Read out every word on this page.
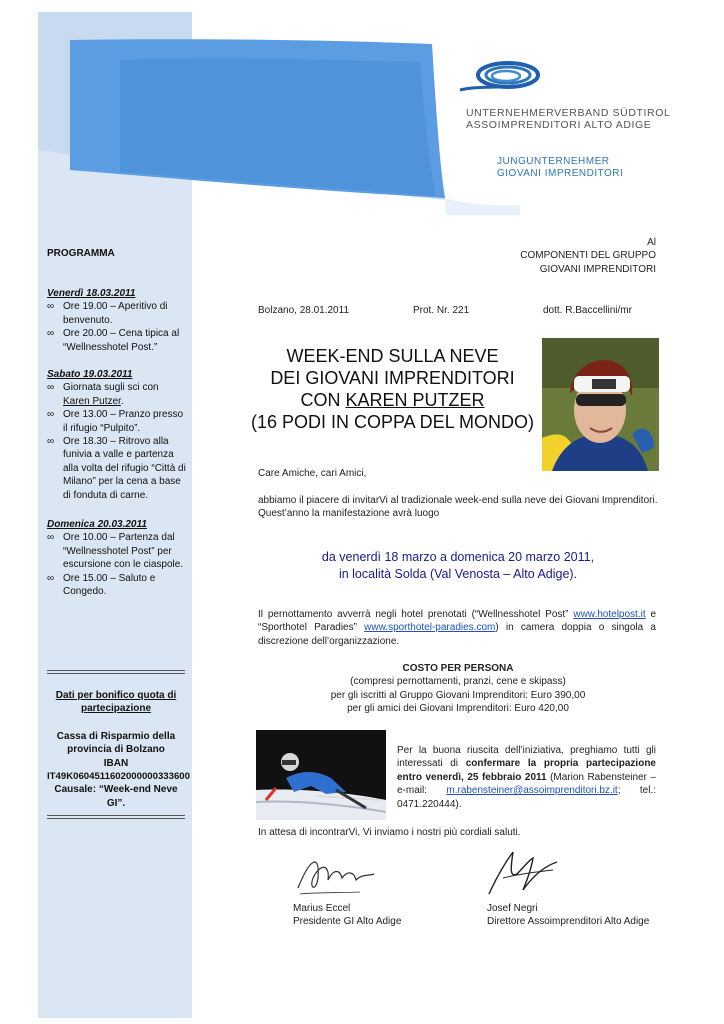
UNTERNEHMERVERBAND SÜDTIROL
ASSOIMPRENDITORI ALTO ADIGE
JUNGUNTERNEHMER
GIOVANI IMPRENDITORI
PROGRAMMA
Venerdì 18.03.2011
∞ Ore 19.00 – Aperitivo di benvenuto.
∞ Ore 20.00 – Cena tipica al “Wellnesshotel Post.”
Sabato 19.03.2011
∞ Giornata sugli sci con Karen Putzer.
∞ Ore 13.00 – Pranzo presso il rifugio “Pulpito”.
∞ Ore 18.30 – Ritrovo alla funivia a valle e partenza alla volta del rifugio “Città di Milano” per la cena a base di fonduta di carne.
Domenica 20.03.2011
∞ Ore 10.00 – Partenza dal “Wellnesshotel Post” per escursione con le ciaspole.
∞ Ore 15.00 – Saluto e Congedo.
Dati per bonifico quota di partecipazione
Cassa di Risparmio della provincia di Bolzano
IBAN
IT49K0604511602000000333600
Causale: “Week-end Neve GI”.
Al
COMPONENTI DEL GRUPPO
GIOVANI IMPRENDITORI
Bolzano, 28.01.2011	Prot. Nr. 221	dott. R.Baccellini/mr
WEEK-END SULLA NEVE
DEI GIOVANI IMPRENDITORI
CON KAREN PUTZER
(16 PODI IN COPPA DEL MONDO)
Care Amiche, cari Amici,
abbiamo il piacere di invitarVi al tradizionale week-end sulla neve dei Giovani Imprenditori. Quest’anno la manifestazione avrà luogo
da venerdì 18 marzo a domenica 20 marzo 2011,
in località Solda (Val Venosta – Alto Adige).
Il pernottamento avverrà negli hotel prenotati (“Wellnesshotel Post” www.hotelpost.it e “Sporthotel Paradies” www.sporthotel-paradies.com) in camera doppia o singola a discrezione dell’organizzazione.
COSTO PER PERSONA
(compresi pernottamenti, pranzi, cene e skipass)
per gli iscritti al Gruppo Giovani Imprenditori: Euro 390,00
per gli amici dei Giovani Imprenditori: Euro 420,00
Per la buona riuscita dell’iniziativa, preghiamo tutti gli interessati di confermare la propria partecipazione entro venerdì, 25 febbraio 2011 (Marion Rabensteiner – e-mail: m.rabensteiner@assoimprenditori.bz.it; tel.: 0471.220444).
In attesa di incontrarVi, Vi inviamo i nostri più cordiali saluti.
Marius Eccel
Presidente GI Alto Adige
Josef Negri
Direttore Assoimprenditori Alto Adige
